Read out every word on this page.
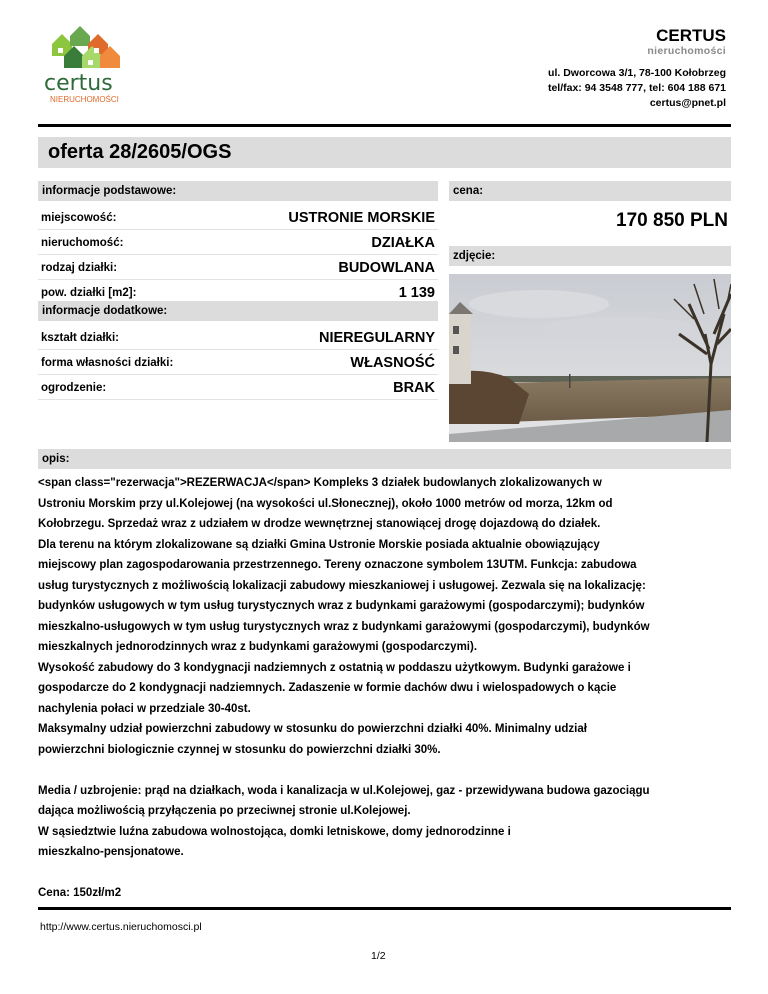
certus
NIERUCHOMOŚCI
CERTUS
nieruchomości
ul. Dworcowa 3/1, 78-100 Kołobrzeg
tel/fax: 94 3548 777, tel: 604 188 671
certus@pnet.pl
oferta 28/2605/OGS
informacje podstawowe:
miejscowość:	USTRONIE MORSKIE
nieruchomość:	DZIAŁKA
rodzaj działki:	BUDOWLANA
pow. działki [m2]:	1 139
informacje dodatkowe:
kształt działki:	NIEREGULARNY
forma własności działki:	WŁASNOŚĆ
ogrodzenie:	BRAK
cena:
170 850 PLN
zdjęcie:
opis:

<span class="rezerwacja">REZERWACJA</span> Kompleks 3 działek budowlanych zlokalizowanych w

Ustroniu Morskim przy ul.Kolejowej (na wysokości ul.Słonecznej), około 1000 metrów od morza, 12km od

Kołobrzegu. Sprzedaż wraz z udziałem w drodze wewnętrznej stanowiącej drogę dojazdową do działek.

Dla terenu na którym zlokalizowane są działki Gmina Ustronie Morskie posiada aktualnie obowiązujący

miejscowy plan zagospodarowania przestrzennego. Tereny oznaczone symbolem 13UTM. Funkcja: zabudowa

usług turystycznych z możliwością lokalizacji zabudowy mieszkaniowej i usługowej. Zezwala się na lokalizację:

budynków usługowych w tym usług turystycznych wraz z budynkami garażowymi (gospodarczymi); budynków

mieszkalno-usługowych w tym usług turystycznych wraz z budynkami garażowymi (gospodarczymi), budynków

mieszkalnych jednorodzinnych wraz z budynkami garażowymi (gospodarczymi).

Wysokość zabudowy do 3 kondygnacji nadziemnych z ostatnią w poddaszu użytkowym. Budynki garażowe i

gospodarcze do 2 kondygnacji nadziemnych. Zadaszenie w formie dachów dwu i wielospadowych o kącie

nachylenia połaci w przedziale 30-40st.

Maksymalny udział powierzchni zabudowy w stosunku do powierzchni działki 40%. Minimalny udział

powierzchni biologicznie czynnej w stosunku do powierzchni działki 30%.

Media / uzbrojenie: prąd na działkach, woda i kanalizacja w ul.Kolejowej, gaz - przewidywana budowa gazociągu

dająca możliwością przyłączenia po przeciwnej stronie ul.Kolejowej.

W sąsiedztwie luźna zabudowa wolnostojąca, domki letniskowe, domy jednorodzinne i

mieszkalno-pensjonatowe.

Cena: 150zł/m2

http://www.certus.nieruchomosci.pl
1/2
